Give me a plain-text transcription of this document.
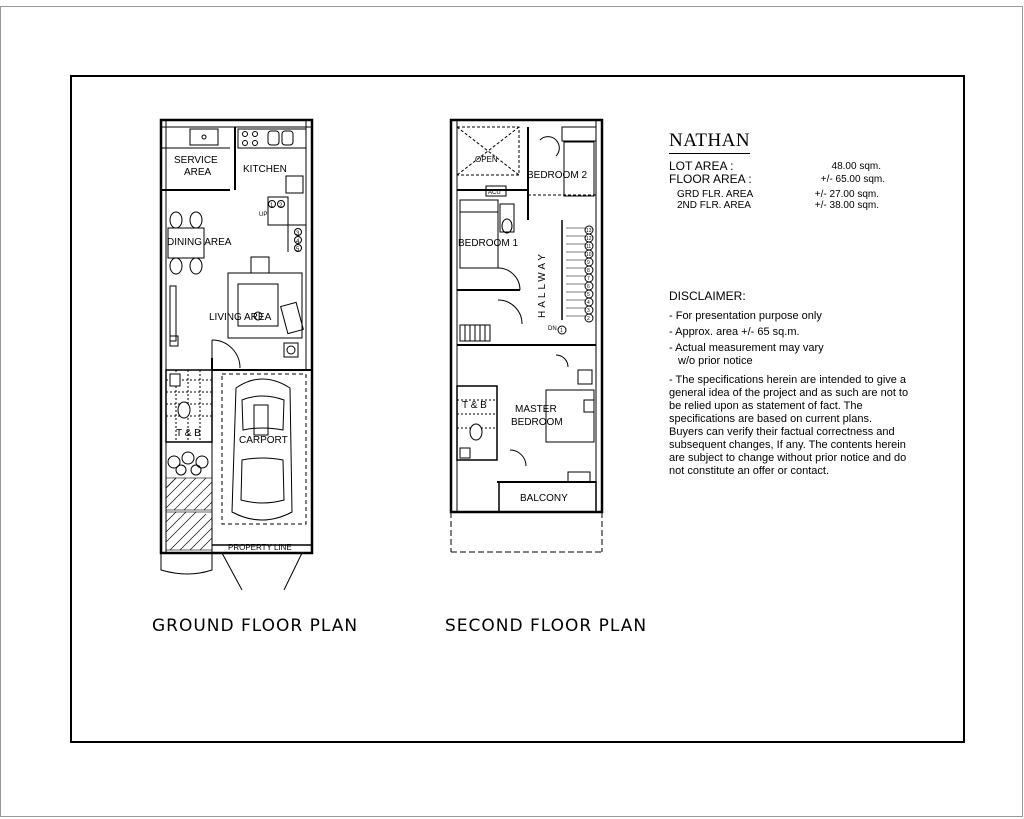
SERVICE
AREA	KITCHEN
DINING AREA
LIVING AREA
T & B
CARPORT
PROPERTY LINE
UP
1 2
3
4
5
OPEN
BEDROOM 2
BEDROOM 1
HALLWAY
MASTER
BEDROOM
T & B
BALCONY
ACU
DN
13
12
11
10
9
8
7
6
5
4
3
2
1
GROUND FLOOR PLAN	SECOND FLOOR PLAN
NATHAN
LOT AREA :	48.00 sqm.
FLOOR AREA :	+/- 65.00 sqm.
GRD FLR. AREA	+/- 27.00 sqm.
2ND FLR. AREA	+/- 38.00 sqm.
DISCLAIMER:
- For presentation purpose only
- Approx. area +/- 65 sq.m.
- Actual measurement may vary
w/o prior notice
- The specifications herein are intended to give a general idea of the project and as such are not to be relied upon as statement of fact. The specifications are based on current plans. Buyers can verify their factual correctness and subsequent changes, If any. The contents herein are subject to change without prior notice and do not constitute an offer or contact.
